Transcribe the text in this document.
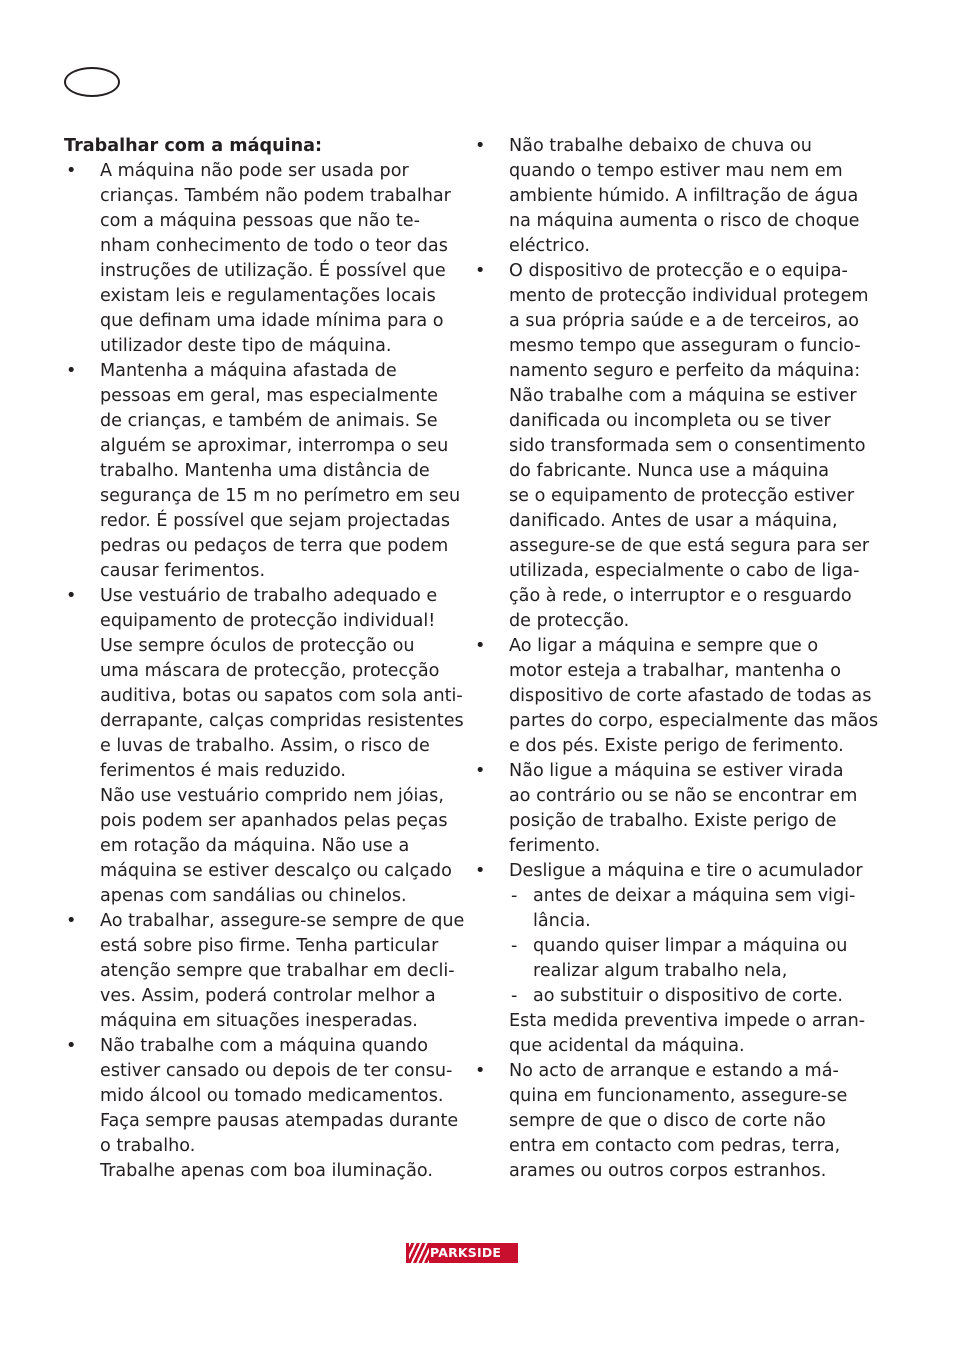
Trabalhar com a máquina:
• A máquina não pode ser usada por
crianças. Também não podem trabalhar
com a máquina pessoas que não te-
nham conhecimento de todo o teor das
instruções de utilização. É possível que
existam leis e regulamentações locais
que definam uma idade mínima para o
utilizador deste tipo de máquina.
• Mantenha a máquina afastada de
pessoas em geral, mas especialmente
de crianças, e também de animais. Se
alguém se aproximar, interrompa o seu
trabalho. Mantenha uma distância de
segurança de 15 m no perímetro em seu
redor. É possível que sejam projectadas
pedras ou pedaços de terra que podem
causar ferimentos.
• Use vestuário de trabalho adequado e
equipamento de protecção individual!
Use sempre óculos de protecção ou
uma máscara de protecção, protecção
auditiva, botas ou sapatos com sola anti-
derrapante, calças compridas resistentes
e luvas de trabalho. Assim, o risco de
ferimentos é mais reduzido.
Não use vestuário comprido nem jóias,
pois podem ser apanhados pelas peças
em rotação da máquina. Não use a
máquina se estiver descalço ou calçado
apenas com sandálias ou chinelos.
• Ao trabalhar, assegure-se sempre de que
está sobre piso firme. Tenha particular
atenção sempre que trabalhar em decli-
ves. Assim, poderá controlar melhor a
máquina em situações inesperadas.
• Não trabalhe com a máquina quando
estiver cansado ou depois de ter consu-
mido álcool ou tomado medicamentos.
Faça sempre pausas atempadas durante
o trabalho.
Trabalhe apenas com boa iluminação.
• Não trabalhe debaixo de chuva ou
quando o tempo estiver mau nem em
ambiente húmido. A infiltração de água
na máquina aumenta o risco de choque
eléctrico.
• O dispositivo de protecção e o equipa-
mento de protecção individual protegem
a sua própria saúde e a de terceiros, ao
mesmo tempo que asseguram o funcio-
namento seguro e perfeito da máquina:
Não trabalhe com a máquina se estiver
danificada ou incompleta ou se tiver
sido transformada sem o consentimento
do fabricante. Nunca use a máquina
se o equipamento de protecção estiver
danificado. Antes de usar a máquina,
assegure-se de que está segura para ser
utilizada, especialmente o cabo de liga-
ção à rede, o interruptor e o resguardo
de protecção.
• Ao ligar a máquina e sempre que o
motor esteja a trabalhar, mantenha o
dispositivo de corte afastado de todas as
partes do corpo, especialmente das mãos
e dos pés. Existe perigo de ferimento.
• Não ligue a máquina se estiver virada
ao contrário ou se não se encontrar em
posição de trabalho. Existe perigo de
ferimento.
• Desligue a máquina e tire o acumulador
- antes de deixar a máquina sem vigi-
lância.
- quando quiser limpar a máquina ou
realizar algum trabalho nela,
- ao substituir o dispositivo de corte.
Esta medida preventiva impede o arran-
que acidental da máquina.
• No acto de arranque e estando a má-
quina em funcionamento, assegure-se
sempre de que o disco de corte não
entra em contacto com pedras, terra,
arames ou outros corpos estranhos.
PARKSIDE
